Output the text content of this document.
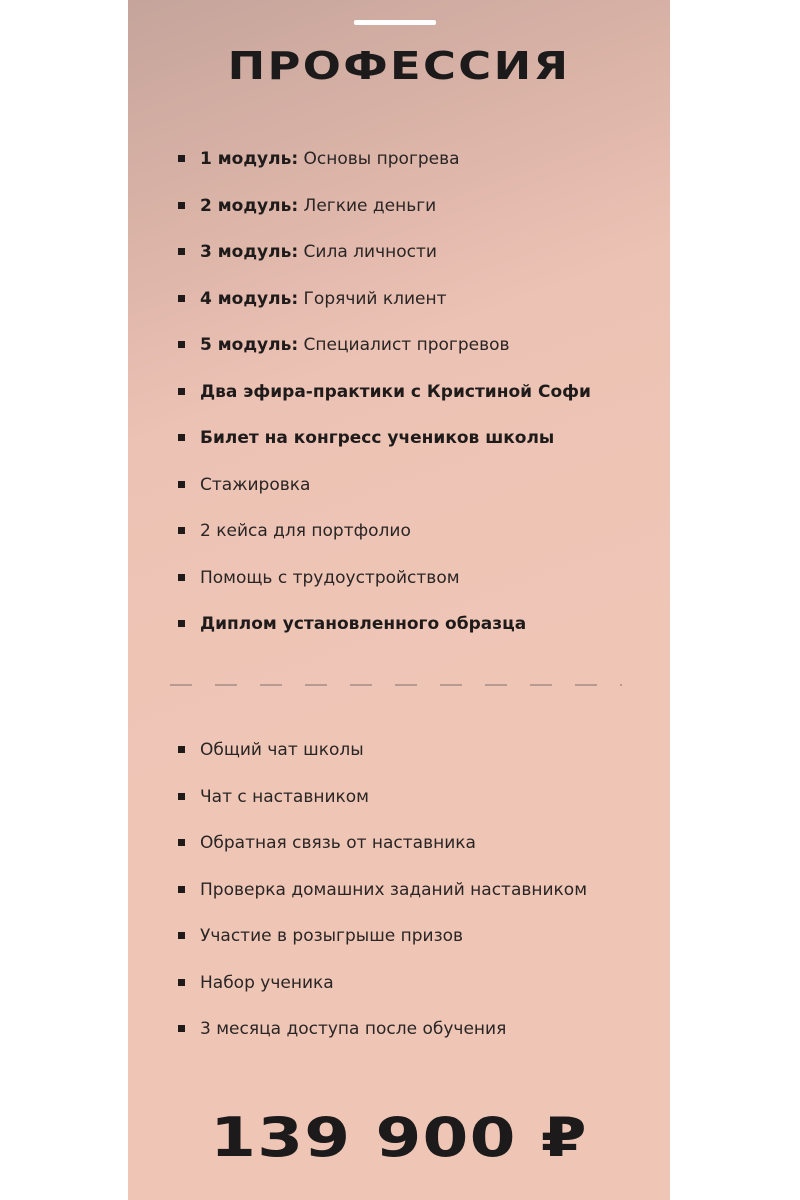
ПРОФЕССИЯ
1 модуль: Основы прогрева
2 модуль: Легкие деньги
3 модуль: Сила личности
4 модуль: Горячий клиент
5 модуль: Специалист прогревов
Два эфира-практики с Кристиной Софи
Билет на конгресс учеников школы
Стажировка
2 кейса для портфолио
Помощь с трудоустройством
Диплом установленного образца
Общий чат школы
Чат с наставником
Обратная связь от наставника
Проверка домашних заданий наставником
Участие в розыгрыше призов
Набор ученика
3 месяца доступа после обучения
139 900 ₽
